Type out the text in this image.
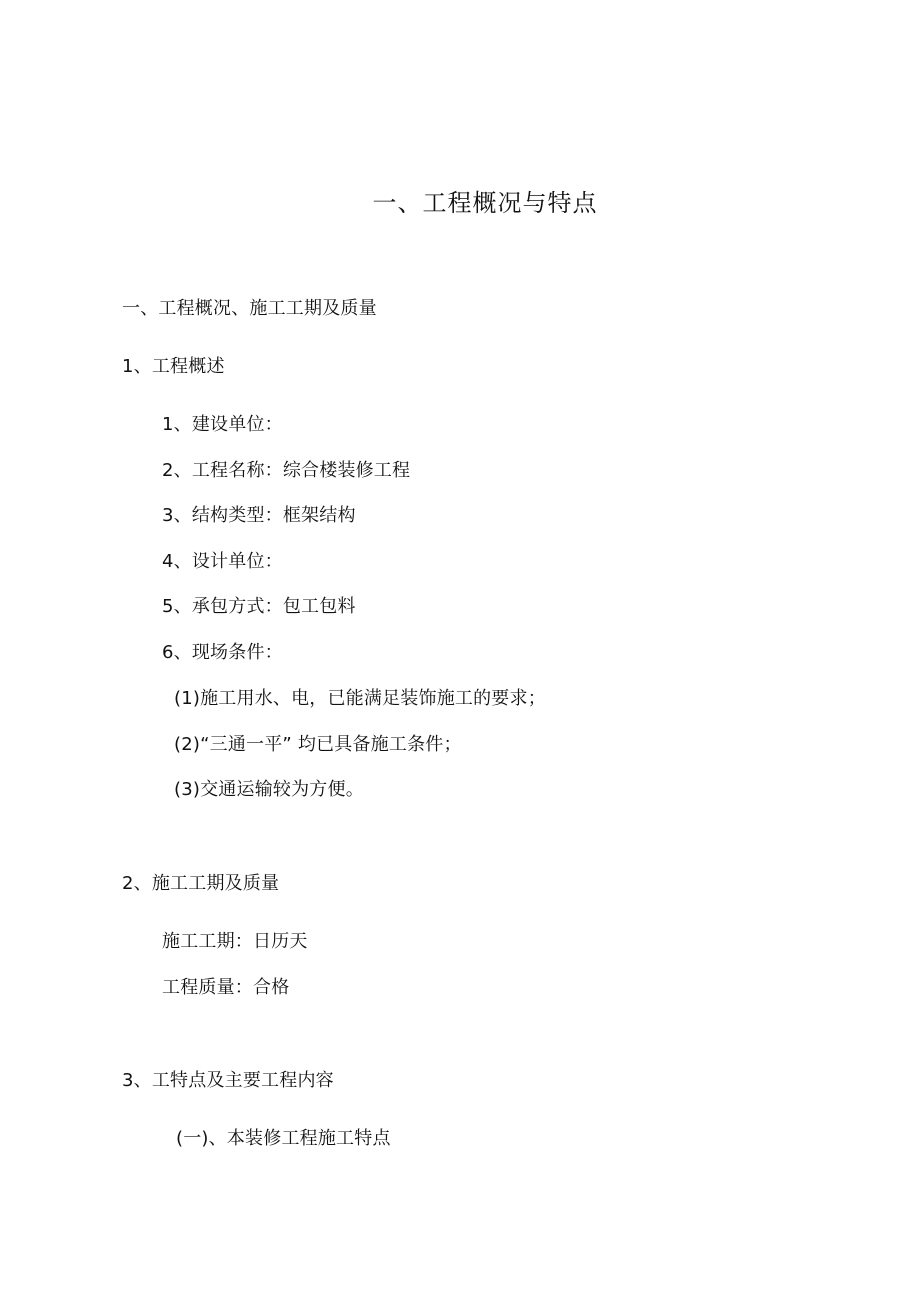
一、工程概况与特点
一、工程概况、施工工期及质量
1、工程概述
1、建设单位：
2、工程名称：综合楼装修工程
3、结构类型：框架结构
4、设计单位：
5、承包方式：包工包料
6、现场条件：
(1)施工用水、电，已能满足装饰施工的要求；
(2)“三通一平” 均已具备施工条件；
(3)交通运输较为方便。
2、施工工期及质量
施工工期：日历天
工程质量：合格
3、工特点及主要工程内容
(一)、本装修工程施工特点
